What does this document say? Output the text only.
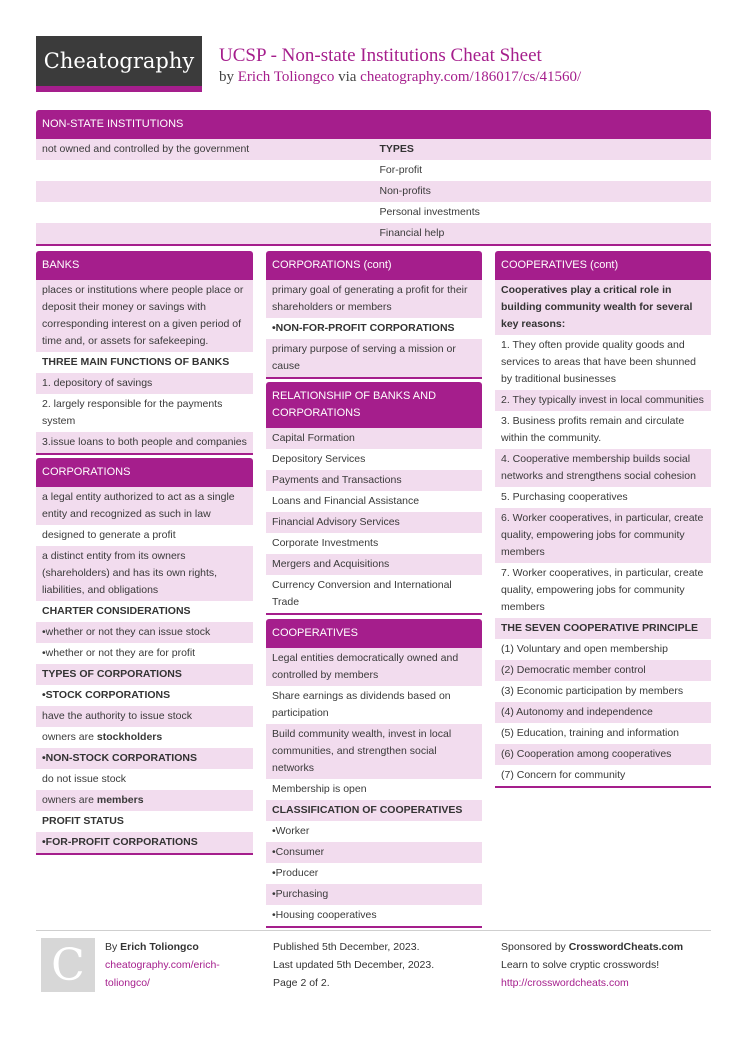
Cheatography	UCSP - Non-state Institutions Cheat Sheet
by Erich Toliongco via cheatography.com/186017/cs/41560/
NON-STATE INSTITUTIONS
not owned and controlled by the government	TYPES
For-profit
Non-profits
Personal investments
Financial help
BANKS
places or institutions where people place or deposit their money or savings with corresponding interest on a given period of time and, or assets for safekeeping.
THREE MAIN FUNCTIONS OF BANKS
1. depository of savings
2. largely responsible for the payments system
3.issue loans to both people and companies
CORPORATIONS
a legal entity authorized to act as a single entity and recognized as such in law
designed to generate a profit
a distinct entity from its owners (shareholders) and has its own rights, liabilities, and obligations
CHARTER CONSIDERATIONS
•whether or not they can issue stock
•whether or not they are for profit
TYPES OF CORPORATIONS
•STOCK CORPORATIONS
have the authority to issue stock
owners are stockholders
•NON-STOCK CORPORATIONS
do not issue stock
owners are members
PROFIT STATUS
•FOR-PROFIT CORPORATIONS
CORPORATIONS (cont)
primary goal of generating a profit for their shareholders or members
•NON-FOR-PROFIT CORPORATIONS
primary purpose of serving a mission or cause
RELATIONSHIP OF BANKS AND CORPORATIONS
Capital Formation
Depository Services
Payments and Transactions
Loans and Financial Assistance
Financial Advisory Services
Corporate Investments
Mergers and Acquisitions
Currency Conversion and International Trade
COOPERATIVES
Legal entities democratically owned and controlled by members
Share earnings as dividends based on participation
Build community wealth, invest in local communities, and strengthen social networks
Membership is open
CLASSIFICATION OF COOPERATIVES
•Worker
•Consumer
•Producer
•Purchasing
•Housing cooperatives
COOPERATIVES (cont)
Cooperatives play a critical role in building community wealth for several key reasons:
1. They often provide quality goods and services to areas that have been shunned by traditional businesses
2. They typically invest in local communities
3. Business profits remain and circulate within the community.
4. Cooperative membership builds social networks and strengthens social cohesion
5. Purchasing cooperatives
6. Worker cooperatives, in particular, create quality, empowering jobs for community members
7. Worker cooperatives, in particular, create quality, empowering jobs for community members
THE SEVEN COOPERATIVE PRINCIPLE
(1) Voluntary and open membership
(2) Democratic member control
(3) Economic participation by members
(4) Autonomy and independence
(5) Education, training and information
(6) Cooperation among cooperatives
(7) Concern for community
C	By Erich Toliongco
cheatography.com/erich-
toliongco/
Published 5th December, 2023.
Last updated 5th December, 2023.
Page 2 of 2.
Sponsored by CrosswordCheats.com
Learn to solve cryptic crosswords!
http://crosswordcheats.com
